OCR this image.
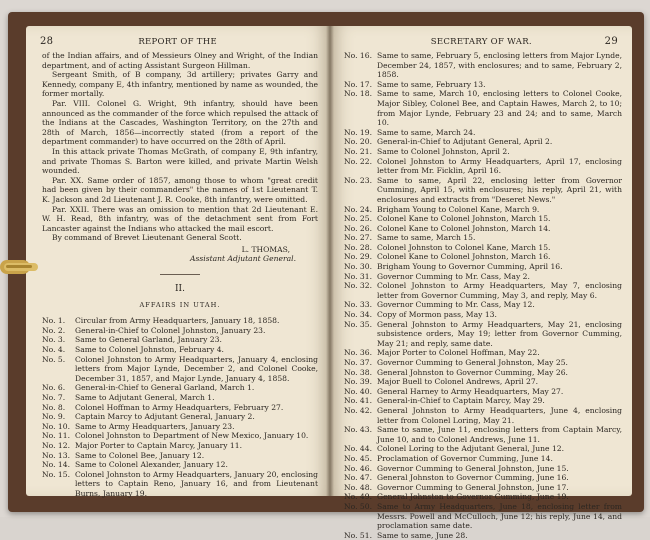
28	REPORT OF THE

of the Indian affairs, and of Messieurs Olney and Wright, of the Indian department, and of acting Assistant Surgeon Hillman.

Sergeant Smith, of B company, 3d artillery; privates Garry and Kennedy, company E, 4th infantry, mentioned by name as wounded, the former mortally.

Par. VIII. Colonel G. Wright, 9th infantry, should have been announced as the commander of the force which repulsed the attack of the Indians at the Cascades, Washington Territory, on the 27th and 28th of March, 1856—incorrectly stated (from a report of the department commander) to have occurred on the 28th of April.

In this attack private Thomas McGrath, of company E, 9th infantry, and private Thomas S. Barton were killed, and private Martin Welsh wounded.

Par. XX. Same order of 1857, among those to whom "great credit had been given by their commanders" the names of 1st Lieutenant T. K. Jackson and 2d Lieutenant J. R. Cooke, 8th infantry, were omitted.

Par. XXII. There was an omission to mention that 2d Lieutenant E. W. H. Read, 8th infantry, was of the detachment sent from Fort Lancaster against the Indians who attacked the mail escort.

By command of Brevet Lieutenant General Scott.

L. THOMAS,

Assistant Adjutant General.

II.

AFFAIRS IN UTAH.

No. 1.	Circular from Army Headquarters, January 18, 1858.
No. 2.	General-in-Chief to Colonel Johnston, January 23.
No. 3.	Same to General Garland, January 23.
No. 4.	Same to Colonel Johnston, February 4.
No. 5.	Colonel Johnston to Army Headquarters, January 4, enclosing letters from Major Lynde, December 2, and Colonel Cooke, December 31, 1857, and Major Lynde, January 4, 1858.
No. 6.	General-in-Chief to General Garland, March 1.
No. 7.	Same to Adjutant General, March 1.
No. 8.	Colonel Hoffman to Army Headquarters, February 27.
No. 9.	Captain Marcy to Adjutant General, January 2.
No. 10. Same to Army Headquarters, January 23.
No. 11. Colonel Johnston to Department of New Mexico, January 10.
No. 12. Major Porter to Captain Marcy, January 11.
No. 13. Same to Colonel Bee, January 12.
No. 14. Same to Colonel Alexander, January 12.
No. 15. Colonel Johnston to Army Headquarters, January 20, enclosing letters to Captain Reno, January 16, and from Lieutenant Burns, January 19.
SECRETARY OF WAR.	29
No. 16. Same to same, February 5, enclosing letters from Major Lynde, December 24, 1857, with enclosures; and to same, February 2, 1858.
No. 17. Same to same, February 13.
No. 18. Same to same, March 10, enclosing letters to Colonel Cooke, Major Sibley, Colonel Bee, and Captain Hawes, March 2, to 10; from Major Lynde, February 23 and 24; and to same, March 10.
No. 19. Same to same, March 24.
No. 20. General-in-Chief to Adjutant General, April 2.
No. 21. Same to Colonel Johnston, April 2.
No. 22. Colonel Johnston to Army Headquarters, April 17, enclosing letter from Mr. Ficklin, April 16.
No. 23. Same to same, April 22, enclosing letter from Governor Cumming, April 15, with enclosures; his reply, April 21, with enclosures and extracts from "Deseret News."
No. 24. Brigham Young to Colonel Kane, March 9.
No. 25. Colonel Kane to Colonel Johnston, March 15.
No. 26. Colonel Kane to Colonel Johnston, March 14.
No. 27. Same to same, March 15.
No. 28. Colonel Johnston to Colonel Kane, March 15.
No. 29. Colonel Kane to Colonel Johnston, March 16.
No. 30. Brigham Young to Governor Cumming, April 16.
No. 31. Governor Cumming to Mr. Cass, May 2.
No. 32. Colonel Johnston to Army Headquarters, May 7, enclosing letter from Governor Cumming, May 3, and reply, May 6.
No. 33. Governor Cumming to Mr. Cass, May 12.
No. 34. Copy of Mormon pass, May 13.
No. 35. General Johnston to Army Headquarters, May 21, enclosing subsistence orders, May 19; letter from Governor Cumming, May 21; and reply, same date.
No. 36. Major Porter to Colonel Hoffman, May 22.
No. 37. Governor Cumming to General Johnston, May 25.
No. 38. General Johnston to Governor Cumming, May 26.
No. 39. Major Buell to Colonel Andrews, April 27.
No. 40. General Harney to Army Headquarters, May 27.
No. 41. General-in-Chief to Captain Marcy, May 29.
No. 42. General Johnston to Army Headquarters, June 4, enclosing letter from Colonel Loring, May 21.
No. 43. Same to same, June 11, enclosing letters from Captain Marcy, June 10, and to Colonel Andrews, June 11.
No. 44. Colonel Loring to the Adjutant General, June 12.
No. 45. Proclamation of Governor Cumming, June 14.
No. 46. Governor Cumming to General Johnston, June 15.
No. 47. General Johnston to Governor Cumming, June 16.
No. 48. Governor Cumming to General Johnston, June 17.
No. 49. General Johnston to Governor Cumming, June 19.
No. 50. Same to Army Headquarters, June 18, enclosing letter from Messrs. Powell and McCulloch, June 12; his reply, June 14, and proclamation same date.
No. 51. Same to same, June 28.
